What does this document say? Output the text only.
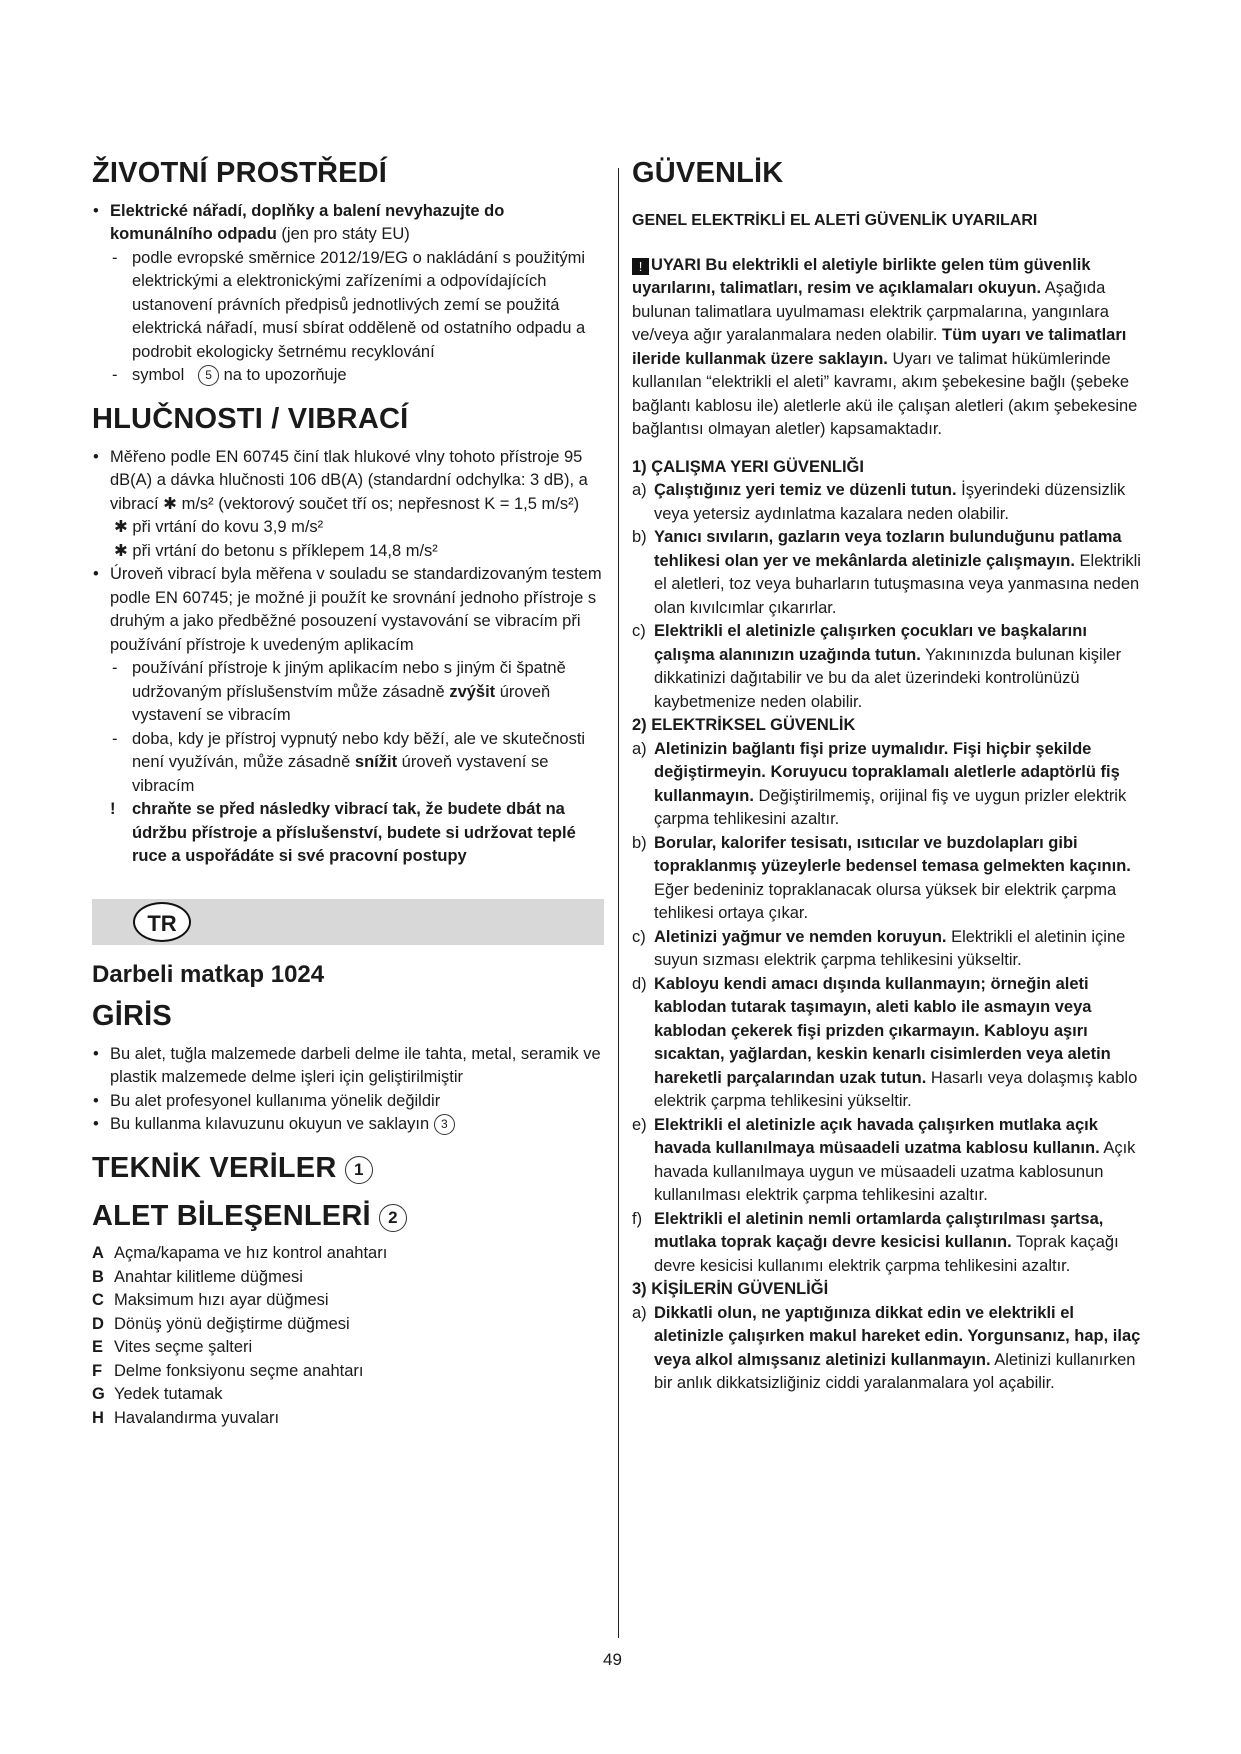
ŽIVOTNÍ PROSTŘEDÍ
• Elektrické nářadí, doplňky a balení nevyhazujte do komunálního odpadu (jen pro státy EU)
- podle evropské směrnice 2012/19/EG o nakládání s použitými elektrickými a elektronickými zařízeními a odpovídajících ustanovení právních předpisů jednotlivých zemí se použitá elektrická nářadí, musí sbírat odděleně od ostatního odpadu a podrobit ekologicky šetrnému recyklování
- symbol 5 na to upozorňuje
HLUČNOSTI / VIBRACÍ
• Měřeno podle EN 60745 činí tlak hlukové vlny tohoto přístroje 95 dB(A) a dávka hlučnosti 106 dB(A) (standardní odchylka: 3 dB), a vibrací ✱ m/s² (vektorový součet tří os; nepřesnost K = 1,5 m/s²)
✱ při vrtání do kovu 3,9 m/s²
✱ při vrtání do betonu s příklepem 14,8 m/s²
• Úroveň vibrací byla měřena v souladu se standardizovaným testem podle EN 60745; je možné ji použít ke srovnání jednoho přístroje s druhým a jako předběžné posouzení vystavování se vibracím při používání přístroje k uvedeným aplikacím
- používání přístroje k jiným aplikacím nebo s jiným či špatně udržovaným příslušenstvím může zásadně zvýšit úroveň vystavení se vibracím
- doba, kdy je přístroj vypnutý nebo kdy běží, ale ve skutečnosti není využíván, může zásadně snížit úroveň vystavení se vibracím
! chraňte se před následky vibrací tak, že budete dbát na údržbu přístroje a příslušenství, budete si udržovat teplé ruce a uspořádáte si své pracovní postupy
TR
Darbeli matkap 1024
GİRİS
• Bu alet, tuğla malzemede darbeli delme ile tahta, metal, seramik ve plastik malzemede delme işleri için geliştirilmiştir
• Bu alet profesyonel kullanıma yönelik değildir
• Bu kullanma kılavuzunu okuyun ve saklayın 3
TEKNİK VERİLER 1
ALET BİLEŞENLERİ 2
A Açma/kapama ve hız kontrol anahtarı
B Anahtar kilitleme düğmesi
C Maksimum hızı ayar düğmesi
D Dönüş yönü değiştirme düğmesi
E Vites seçme şalteri
F Delme fonksiyonu seçme anahtarı
G Yedek tutamak
H Havalandırma yuvaları
GÜVENLİK
GENEL ELEKTRİKLİ EL ALETİ GÜVENLİK UYARILARI
! UYARI Bu elektrikli el aletiyle birlikte gelen tüm güvenlik uyarılarını, talimatları, resim ve açıklamaları okuyun. Aşağıda bulunan talimatlara uyulmaması elektrik çarpmalarına, yangınlara ve/veya ağır yaralanmalara neden olabilir. Tüm uyarı ve talimatları ileride kullanmak üzere saklayın. Uyarı ve talimat hükümlerinde kullanılan “elektrikli el aleti” kavramı, akım şebekesine bağlı (şebeke bağlantı kablosu ile) aletlerle akü ile çalışan aletleri (akım şebekesine bağlantısı olmayan aletler) kapsamaktadır.
1) ÇALIŞMA YERI GÜVENLIĞI
a) Çalıştığınız yeri temiz ve düzenli tutun. İşyerindeki düzensizlik veya yetersiz aydınlatma kazalara neden olabilir.
b) Yanıcı sıvıların, gazların veya tozların bulunduğunu patlama tehlikesi olan yer ve mekânlarda aletinizle çalışmayın. Elektrikli el aletleri, toz veya buharların tutuşmasına veya yanmasına neden olan kıvılcımlar çıkarırlar.
c) Elektrikli el aletinizle çalışırken çocukları ve başkalarını çalışma alanınızın uzağında tutun. Yakınınızda bulunan kişiler dikkatinizi dağıtabilir ve bu da alet üzerindeki kontrolünüzü kaybetmenize neden olabilir.
2) ELEKTRİKSEL GÜVENLİK
a) Aletinizin bağlantı fişi prize uymalıdır. Fişi hiçbir şekilde değiştirmeyin. Koruyucu topraklamalı aletlerle adaptörlü fiş kullanmayın. Değiştirilmemiş, orijinal fiş ve uygun prizler elektrik çarpma tehlikesini azaltır.
b) Borular, kalorifer tesisatı, ısıtıcılar ve buzdolapları gibi topraklanmış yüzeylerle bedensel temasa gelmekten kaçının. Eğer bedeniniz topraklanacak olursa yüksek bir elektrik çarpma tehlikesi ortaya çıkar.
c) Aletinizi yağmur ve nemden koruyun. Elektrikli el aletinin içine suyun sızması elektrik çarpma tehlikesini yükseltir.
d) Kabloyu kendi amacı dışında kullanmayın; örneğin aleti kablodan tutarak taşımayın, aleti kablo ile asmayın veya kablodan çekerek fişi prizden çıkarmayın. Kabloyu aşırı sıcaktan, yağlardan, keskin kenarlı cisimlerden veya aletin hareketli parçalarından uzak tutun. Hasarlı veya dolaşmış kablo elektrik çarpma tehlikesini yükseltir.
e) Elektrikli el aletinizle açık havada çalışırken mutlaka açık havada kullanılmaya müsaadeli uzatma kablosu kullanın. Açık havada kullanılmaya uygun ve müsaadeli uzatma kablosunun kullanılması elektrik çarpma tehlikesini azaltır.
f) Elektrikli el aletinin nemli ortamlarda çalıştırılması şartsa, mutlaka toprak kaçağı devre kesicisi kullanın. Toprak kaçağı devre kesicisi kullanımı elektrik çarpma tehlikesini azaltır.
3) KİŞİLERİN GÜVENLİĞİ
a) Dikkatli olun, ne yaptığınıza dikkat edin ve elektrikli el aletinizle çalışırken makul hareket edin. Yorgunsanız, hap, ilaç veya alkol almışsanız aletinizi kullanmayın. Aletinizi kullanırken bir anlık dikkatsizliğiniz ciddi yaralanmalara yol açabilir.
49
